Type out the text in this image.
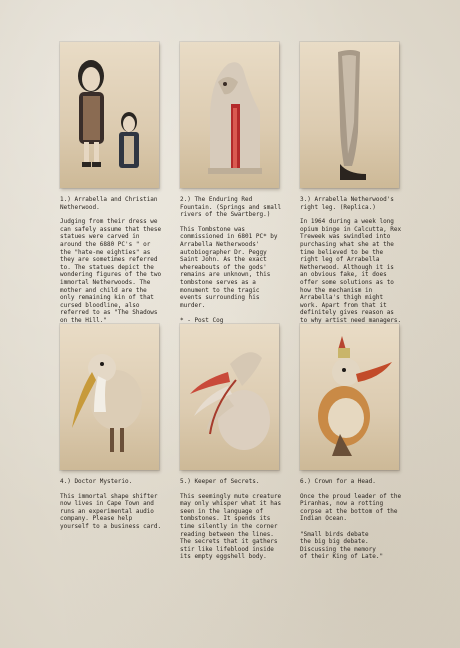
1.) Arrabella and Christian
Netherwood.

Judging from their dress we
can safely assume that these
statues were carved in
around the 6880 PC's " or
the "hate-me eighties" as
they are sometimes referred
to. The statues depict the
wondering figures of the two
immortal Netherwoods. The
mother and child are the
only remaining kin of that
cursed bloodline, also
referred to as "The Shadows
on the Hill."

2.) The Enduring Red
Fountain. (Springs and small
rivers of the Swartberg.)

This Tombstone was
commissioned in 6801 PC* by
Arrabella Netherwoods'
autobiographer Dr. Peggy
Saint John. As the exact
whereabouts of the gods'
remains are unknown, this
tombstone serves as a
monument to the tragic
events surrounding his
murder.

* - Post Cog

3.) Arrabella Netherwood's
right leg. (Replica.)

In 1964 during a week long
opium binge in Calcutta, Rex
Treweek was swindled into
purchasing what she at the
time believed to be the
right leg of Arrabella
Netherwood. Although it is
an obvious fake, it does
offer some solutions as to
how the mechanism in
Arrabella's thigh might
work. Apart from that it
definitely gives reason as
to why artist need managers.

4.) Doctor Mysterio.

This immortal shape shifter
now lives in Cape Town and
runs an experimental audio
company. Please help
yourself to a business card.

5.) Keeper of Secrets.

This seemingly mute creature
may only whisper what it has
seen in the language of
tombstones. It spends its
time silently in the corner
reading between the lines.
The secrets that it gathers
stir like lifeblood inside
its empty eggshell body.

6.) Crown for a Head.

Once the proud leader of the
Piranhas, now a rotting
corpse at the bottom of the
Indian Ocean.

"Small birds debate
the big big debate.
Discussing the memory
of their King of Late."
